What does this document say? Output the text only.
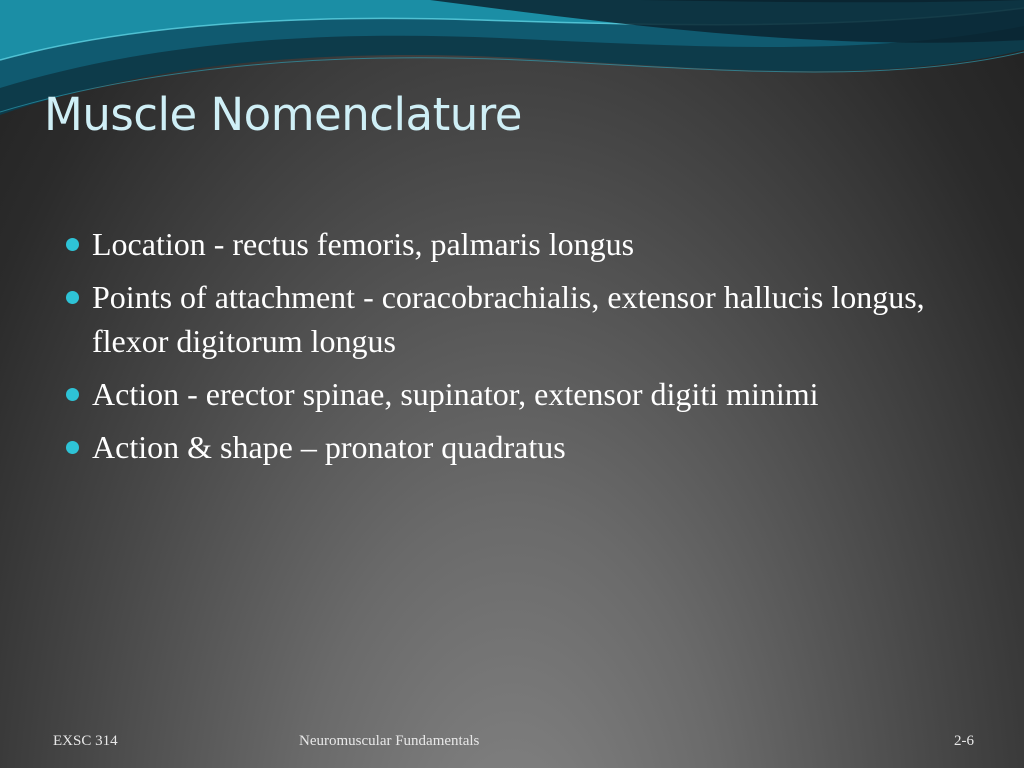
Muscle Nomenclature
Location - rectus femoris, palmaris longus
Points of attachment - coracobrachialis, extensor hallucis longus, flexor digitorum longus
Action - erector spinae, supinator, extensor digiti minimi
Action & shape – pronator quadratus
EXSC 314	Neuromuscular Fundamentals	2-6
